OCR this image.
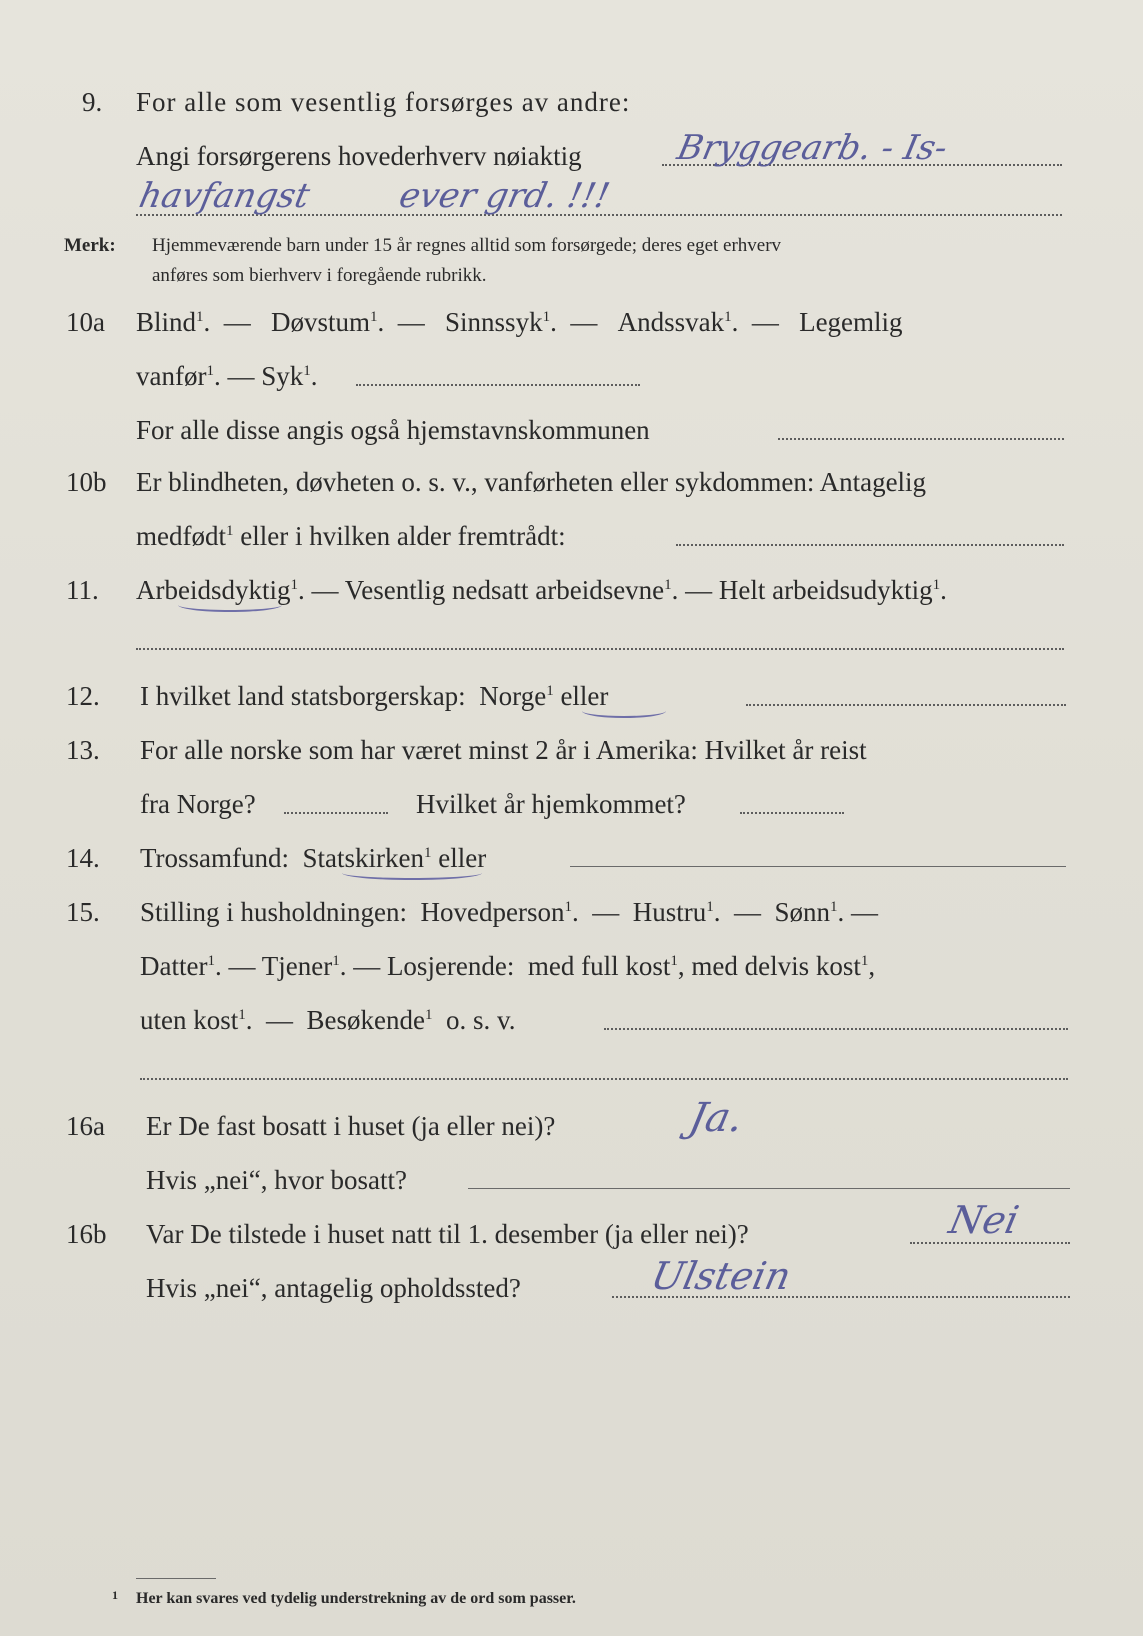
9. For alle som vesentlig forsørges av andre:
Angi forsørgerens hovederhverv nøiaktig	Bryggearb. - Is-
havfangst ever grd. !!!
Merk: Hjemmeværende barn under 15 år regnes alltid som forsørgede; deres eget erhverv
anføres som bierhverv i foregående rubrikk.
10a Blind$^1$.  —   Døvstum$^1$.  —   Sinnssyk$^1$.  —   Andssvak$^1$.  —   Legemlig
vanfør$^1$. — Syk$^1$.
For alle disse angis også hjemstavnskommunen
10b Er blindheten, døvheten o. s. v., vanførheten eller sykdommen: Antagelig
medfødt$^1$ eller i hvilken alder fremtrådt:
11. Arbeidsdyktig$^1$. — Vesentlig nedsatt arbeidsevne$^1$. — Helt arbeidsudyktig$^1$.
12. I hvilket land statsborgerskap: Norge$^1$ eller
13. For alle norske som har været minst 2 år i Amerika: Hvilket år reist
fra Norge?	Hvilket år hjemkommet?
14. Trossamfund: Statskirken$^1$ eller
15. Stilling i husholdningen: Hovedperson$^1$.  —  Hustru$^1$.  —  Sønn$^1$. —
Datter$^1$. — Tjener$^1$. — Losjerende: med full kost$^1$, med delvis kost$^1$,
uten kost$^1$.  —  Besøkende$^1$ o. s. v.
16a Er De fast bosatt i huset (ja eller nei)?	Ja.
Hvis „nei“, hvor bosatt?
16b Var De tilstede i huset natt til 1. desember (ja eller nei)?	Nei
Hvis „nei“, antagelig opholdssted?	Ulstein
1 Her kan svares ved tydelig understrekning av de ord som passer.
